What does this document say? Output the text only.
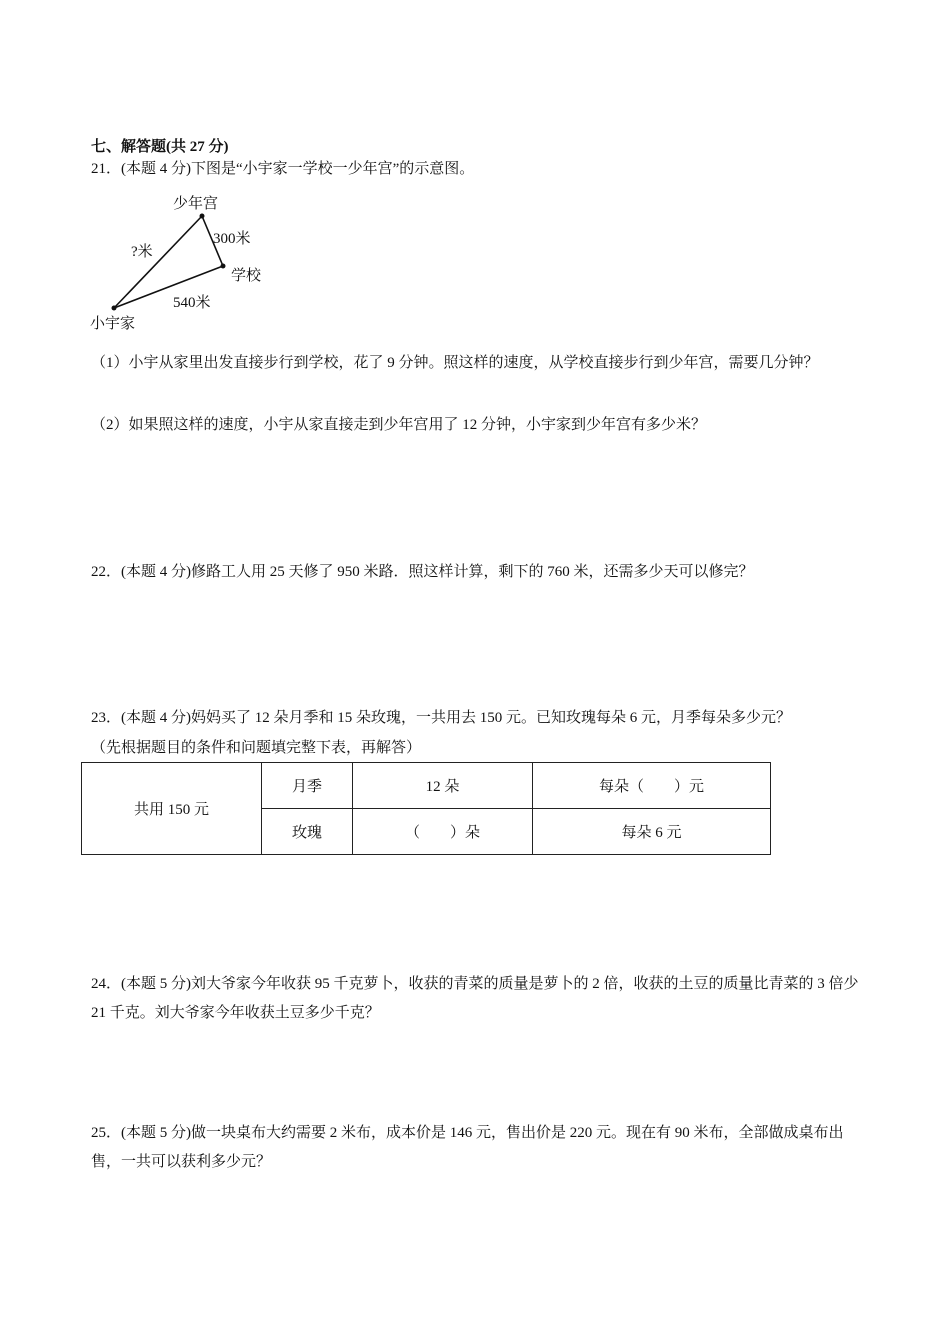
七、解答题(共 27 分)
21．(本题 4 分)下图是“小宇家一学校一少年宫”的示意图。
少年宫
学校
小宇家
300米
?米
540米
（1）小宇从家里出发直接步行到学校，花了 9 分钟。照这样的速度，从学校直接步行到少年宫，需要几分钟？
（2）如果照这样的速度，小宇从家直接走到少年宫用了 12 分钟，小宇家到少年宫有多少米？
22．(本题 4 分)修路工人用 25 天修了 950 米路．照这样计算，剩下的 760 米，还需多少天可以修完？
23．(本题 4 分)妈妈买了 12 朵月季和 15 朵玫瑰，一共用去 150 元。已知玫瑰每朵 6 元，月季每朵多少元？
（先根据题目的条件和问题填完整下表，再解答）
共用 150 元	月季	12 朵	每朵（　　）元
	玫瑰	（　　）朵	每朵 6 元
24．(本题 5 分)刘大爷家今年收获 95 千克萝卜，收获的青菜的质量是萝卜的 2 倍，收获的土豆的质量比青菜的 3 倍少 21 千克。刘大爷家今年收获土豆多少千克？
25．(本题 5 分)做一块桌布大约需要 2 米布，成本价是 146 元，售出价是 220 元。现在有 90 米布，全部做成桌布出售，一共可以获利多少元？
